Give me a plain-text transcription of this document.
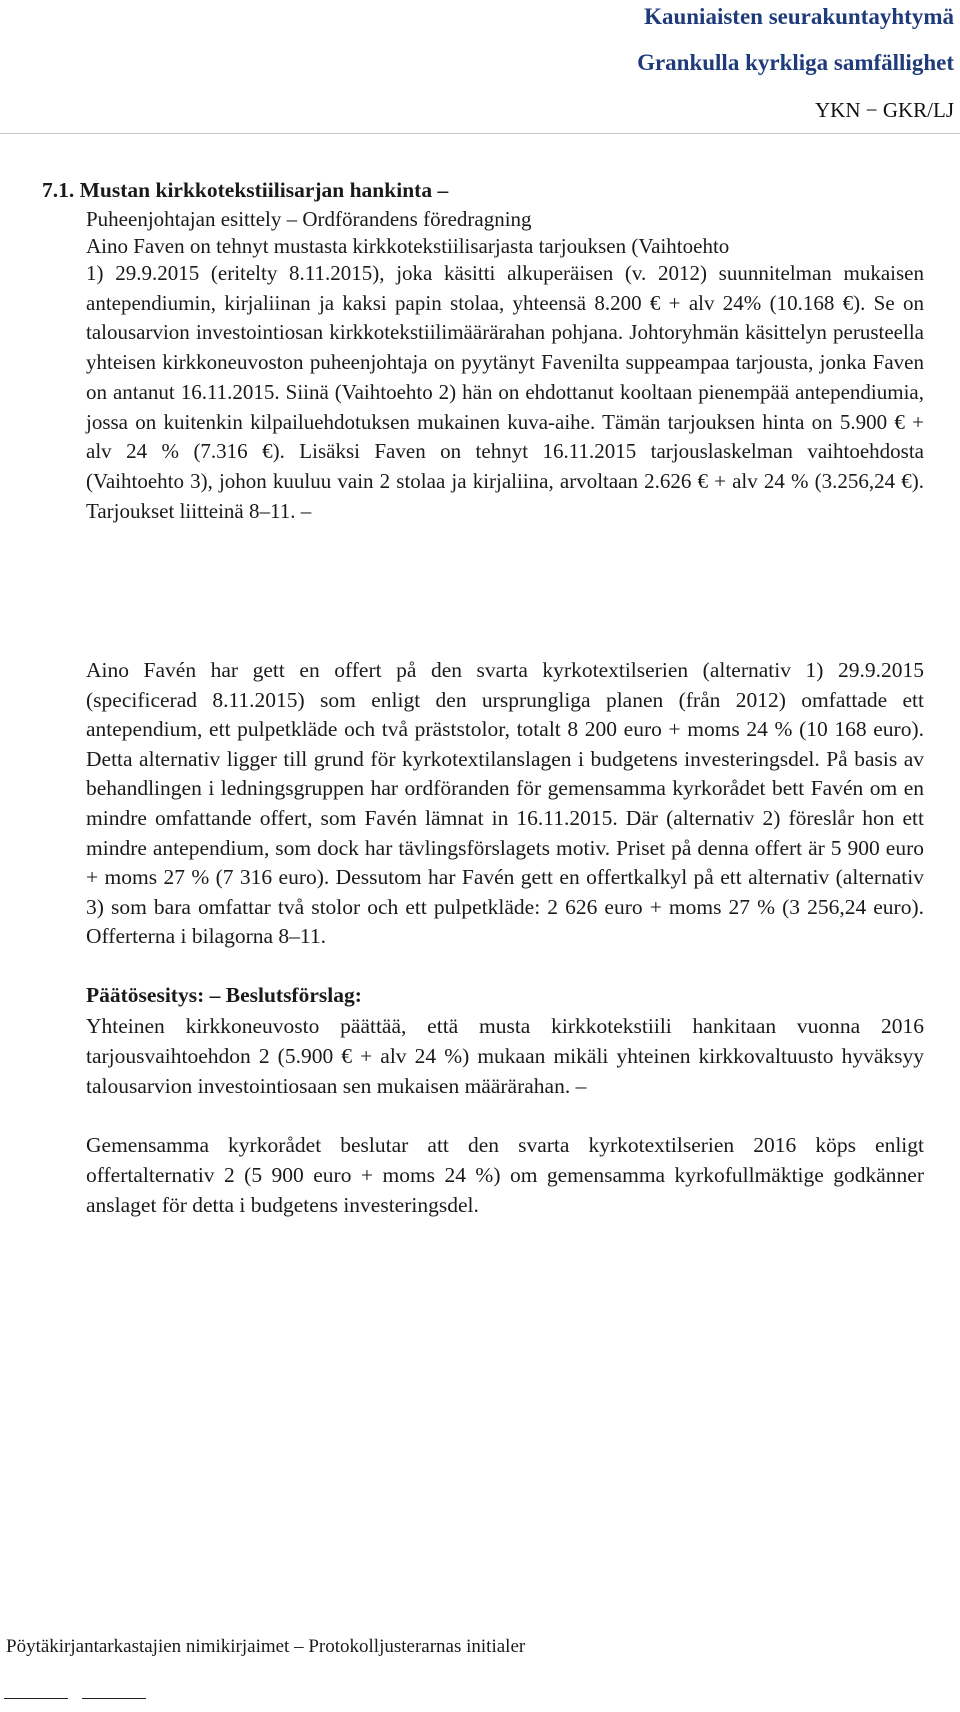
Kauniaisten seurakuntayhtymä
Grankulla kyrkliga samfällighet
YKN − GKR/LJ
7.1. Mustan kirkkotekstiilisarjan hankinta –
Puheenjohtajan esittely – Ordförandens föredragning
Aino Faven on tehnyt mustasta kirkkotekstiilisarjasta tarjouksen (Vaihtoehto
1) 29.9.2015 (eritelty 8.11.2015), joka käsitti alkuperäisen (v. 2012) suunnitelman mukaisen antependiumin, kirjaliinan ja kaksi papin stolaa, yhteensä 8.200 € + alv 24% (10.168 €). Se on talousarvion investointiosan kirkkotekstiilimäärärahan pohjana. Johtoryhmän käsittelyn perusteella yhteisen kirkkoneuvoston puheenjohtaja on pyytänyt Favenilta suppeampaa tarjousta, jonka Faven on antanut 16.11.2015. Siinä (Vaihtoehto 2) hän on ehdottanut kooltaan pienempää antependiumia, jossa on kuitenkin kilpailuehdotuksen mukainen kuva-aihe. Tämän tarjouksen hinta on 5.900 € + alv 24 % (7.316 €). Lisäksi Faven on tehnyt 16.11.2015 tarjouslaskelman vaihtoehdosta (Vaihtoehto 3), johon kuuluu vain 2 stolaa ja kirjaliina, arvoltaan 2.626 € + alv 24 % (3.256,24 €). Tarjoukset liitteinä 8–11. –
Aino Favén har gett en offert på den svarta kyrkotextilserien (alternativ 1) 29.9.2015 (specificerad 8.11.2015) som enligt den ursprungliga planen (från 2012) omfattade ett antependium, ett pulpetkläde och två präststolor, totalt 8 200 euro + moms 24 % (10 168 euro). Detta alternativ ligger till grund för kyrkotextilanslagen i budgetens investeringsdel. På basis av behandlingen i ledningsgruppen har ordföranden för gemensamma kyrkorådet bett Favén om en mindre omfattande offert, som Favén lämnat in 16.11.2015. Där (alternativ 2) föreslår hon ett mindre antependium, som dock har tävlingsförslagets motiv. Priset på denna offert är 5 900 euro + moms 27 % (7 316 euro). Dessutom har Favén gett en offertkalkyl på ett alternativ (alternativ 3) som bara omfattar två stolor och ett pulpetkläde: 2 626 euro + moms 27 % (3 256,24 euro). Offerterna i bilagorna 8–11.
Päätösesitys: – Beslutsförslag:
Yhteinen kirkkoneuvosto päättää, että musta kirkkotekstiili hankitaan vuonna 2016 tarjousvaihtoehdon 2 (5.900 € + alv 24 %) mukaan mikäli yhteinen kirkkovaltuusto hyväksyy talousarvion investointiosaan sen mukaisen määrärahan. –
Gemensamma kyrkorådet beslutar att den svarta kyrkotextilserien 2016 köps enligt offertalternativ 2 (5 900 euro + moms 24 %) om gemensamma kyrkofullmäktige godkänner anslaget för detta i budgetens investeringsdel.
Pöytäkirjantarkastajien nimikirjaimet – Protokolljusterarnas initialer
